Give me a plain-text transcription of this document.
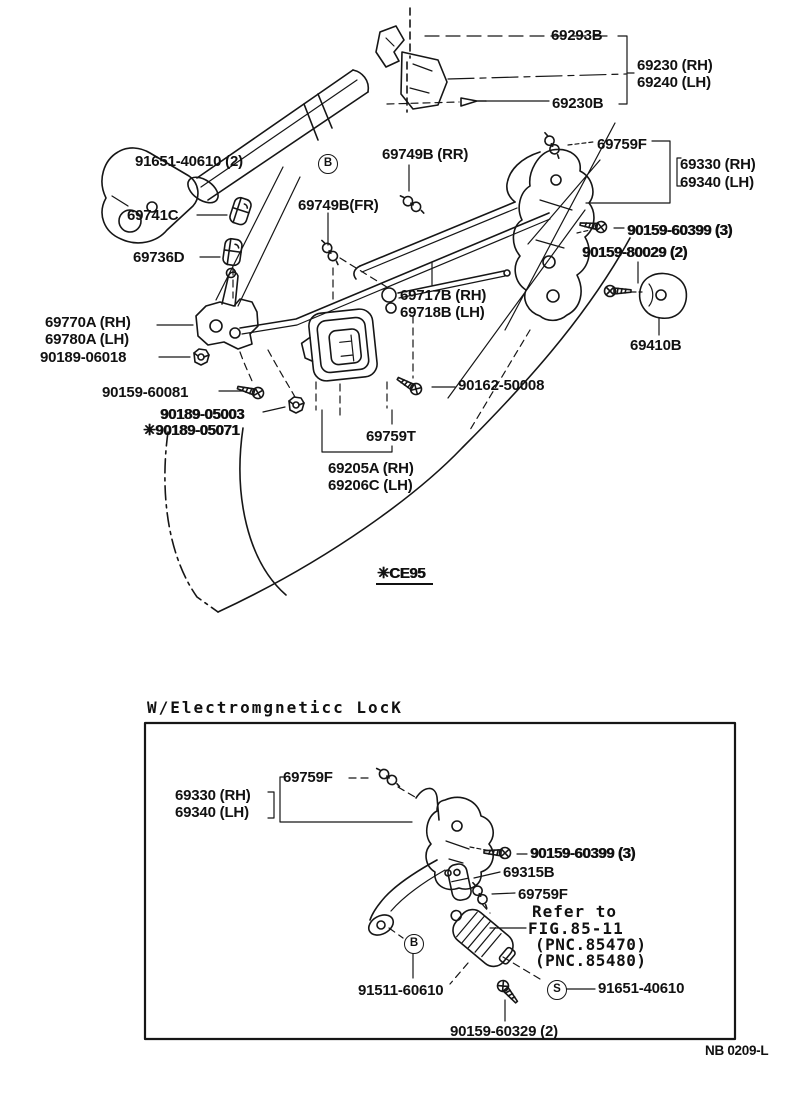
69293B
69230 (RH)
69240 (LH)
69230B
69759F
69330 (RH)
69340 (LH)
91651-40610 (2)	69749B (RR)
69741C
69749B(FR)
90159-60399 (3)
90159-80029 (2)
69736D
69717B (RH)
69718B (LH)
69770A (RH)
69780A (LH)	69410B
90189-06018
90159-60081	90162-50008
90189-05003
✳90189-05071	69759T
69205A (RH)
69206C (LH)
✳CE95
B
W/Electromgneticc LocK
69759F
69330 (RH)
69340 (LH)
90159-60399 (3)
69315B
69759F
Refer to
FIG.85-11
(PNC.85470)
(PNC.85480)
91511-60610	91651-40610
90159-60329 (2)
B
S
NB 0209-L
